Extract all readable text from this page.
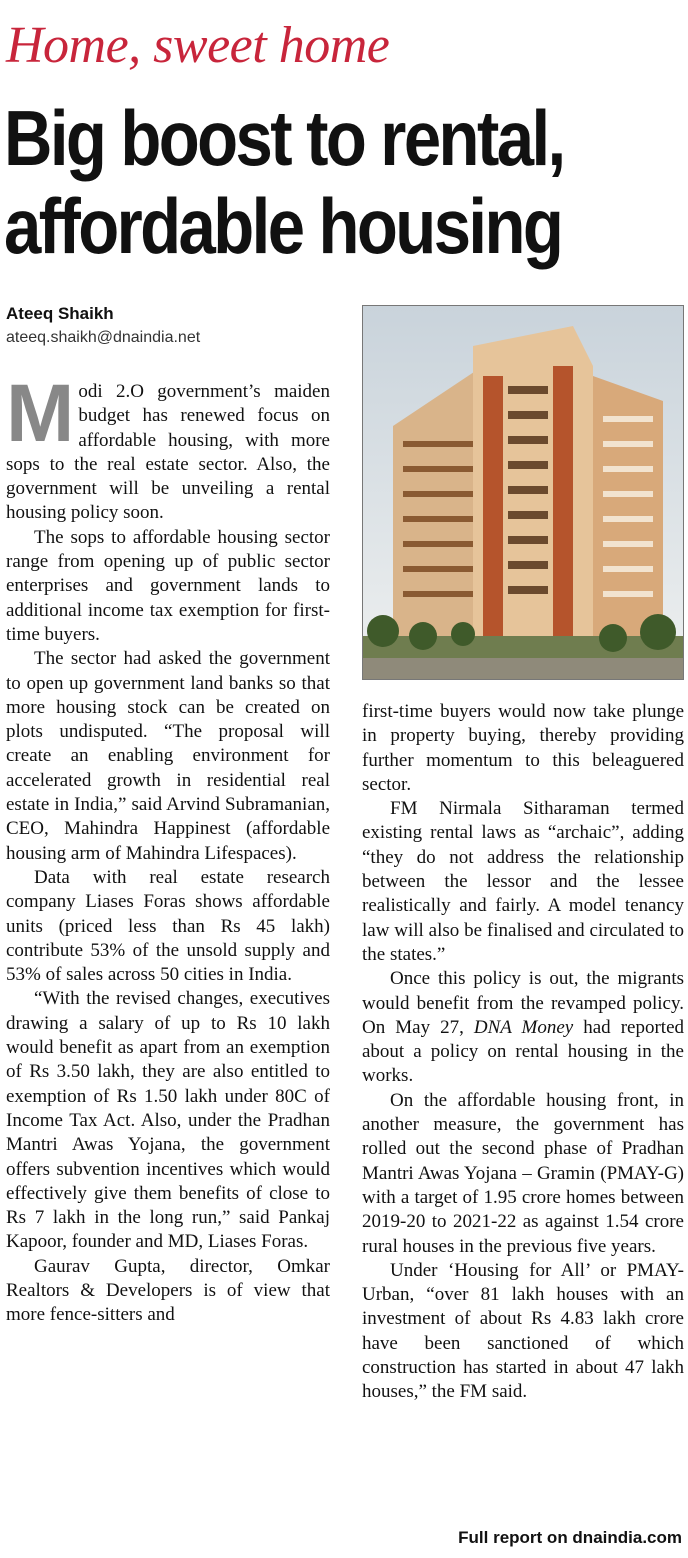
Home, sweet home
Big boost to rental,
affordable housing
Ateeq Shaikh
ateeq.shaikh@dnaindia.net

Modi 2.O government’s maiden budget has renewed focus on affordable housing, with more sops to the real estate sector. Also, the government will be unveiling a rental housing policy soon.

The sops to affordable housing sector range from opening up of public sector enterprises and government lands to additional income tax exemption for first-time buyers.

The sector had asked the government to open up government land banks so that more housing stock can be created on plots undisputed. “The proposal will create an enabling environment for accelerated growth in residential real estate in India,” said Arvind Subramanian, CEO, Mahindra Happinest (affordable housing arm of Mahindra Lifespaces).

Data with real estate research company Liases Foras shows affordable units (priced less than Rs 45 lakh) contribute 53% of the unsold supply and 53% of sales across 50 cities in India.

“With the revised changes, executives drawing a salary of up to Rs 10 lakh would benefit as apart from an exemption of Rs 3.50 lakh, they are also entitled to exemption of Rs 1.50 lakh under 80C of Income Tax Act. Also, under the Pradhan Mantri Awas Yojana, the government offers subvention incentives which would effectively give them benefits of close to Rs 7 lakh in the long run,” said Pankaj Kapoor, founder and MD, Liases Foras.

Gaurav Gupta, director, Omkar Realtors & Developers is of view that more fence-sitters and

first-time buyers would now take plunge in property buying, thereby providing further momentum to this beleaguered sector.

FM Nirmala Sitharaman termed existing rental laws as “archaic”, adding “they do not address the relationship between the lessor and the lessee realistically and fairly. A model tenancy law will also be finalised and circulated to the states.”

Once this policy is out, the migrants would benefit from the revamped policy. On May 27, DNA Money had reported about a policy on rental housing in the works.

On the affordable housing front, in another measure, the government has rolled out the second phase of Pradhan Mantri Awas Yojana – Gramin (PMAY-G) with a target of 1.95 crore homes between 2019-20 to 2021-22 as against 1.54 crore rural houses in the previous five years.

Under ‘Housing for All’ or PMAY-Urban, “over 81 lakh houses with an investment of about Rs 4.83 lakh crore have been sanctioned of which construction has started in about 47 lakh houses,” the FM said.

Full report on dnaindia.com
